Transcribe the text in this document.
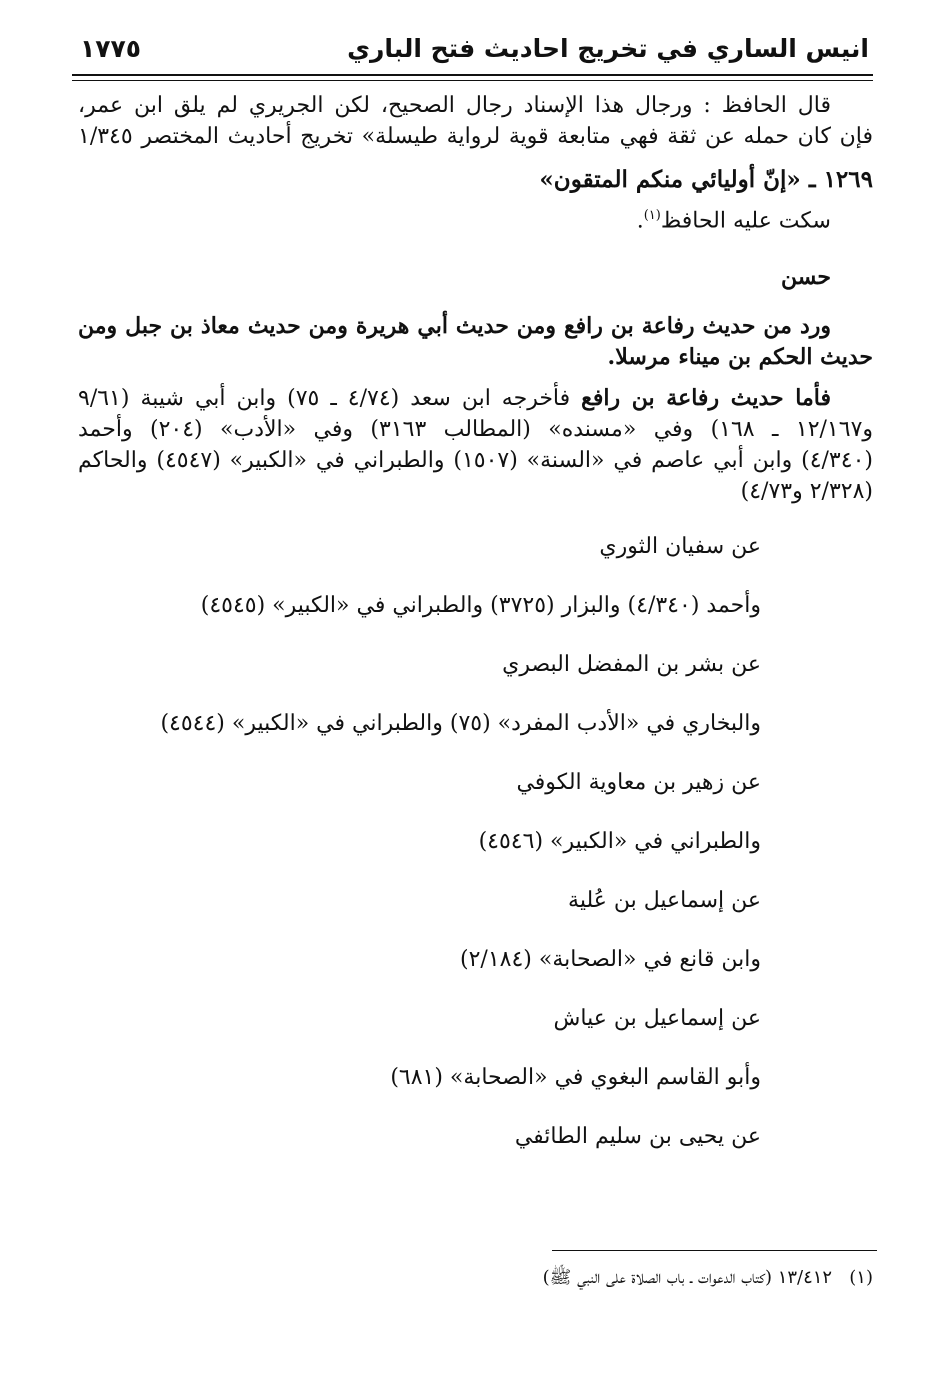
انيس الساري في تخريج احاديث فتح الباري
١٧٧٥
قال الحافظ : ورجال هذا الإسناد رجال الصحيح، لكن الجريري لم يلق ابن عمر،
فإن كان حمله عن ثقة فهي متابعة قوية لرواية طيسلة» تخريج أحاديث المختصر ١/٣٤٥
١٢٦٩ ـ «إنّ أوليائي منكم المتقون»
سكت عليه الحافظ$^{(١)}$.
حسن
ورد من حديث رفاعة بن رافع ومن حديث أبي هريرة ومن حديث معاذ بن جبل ومن
حديث الحكم بن ميناء مرسلا.
فأما حديث رفاعة بن رافع فأخرجه ابن سعد (٤/٧٤ ـ ٧٥) وابن أبي شيبة (٩/٦١
و١٢/١٦٧ ـ ١٦٨) وفي «مسنده» (المطالب ٣١٦٣) وفي «الأدب» (٢٠٤) وأحمد
(٤/٣٤٠) وابن أبي عاصم في «السنة» (١٥٠٧) والطبراني في «الكبير» (٤٥٤٧) والحاكم
(٢/٣٢٨ و٤/٧٣)
عن سفيان الثوري
وأحمد (٤/٣٤٠) والبزار (٣٧٢٥) والطبراني في «الكبير» (٤٥٤٥)
عن بشر بن المفضل البصري
والبخاري في «الأدب المفرد» (٧٥) والطبراني في «الكبير» (٤٥٤٤)
عن زهير بن معاوية الكوفي
والطبراني في «الكبير» (٤٥٤٦)
عن إسماعيل بن عُلية
وابن قانع في «الصحابة» (٢/١٨٤)
عن إسماعيل بن عياش
وأبو القاسم البغوي في «الصحابة» (٦٨١)
عن يحيى بن سليم الطائفي
(١)   ١٣/٤١٢ (كتاب الدعوات ـ باب الصلاة على النبي ﷺ)
